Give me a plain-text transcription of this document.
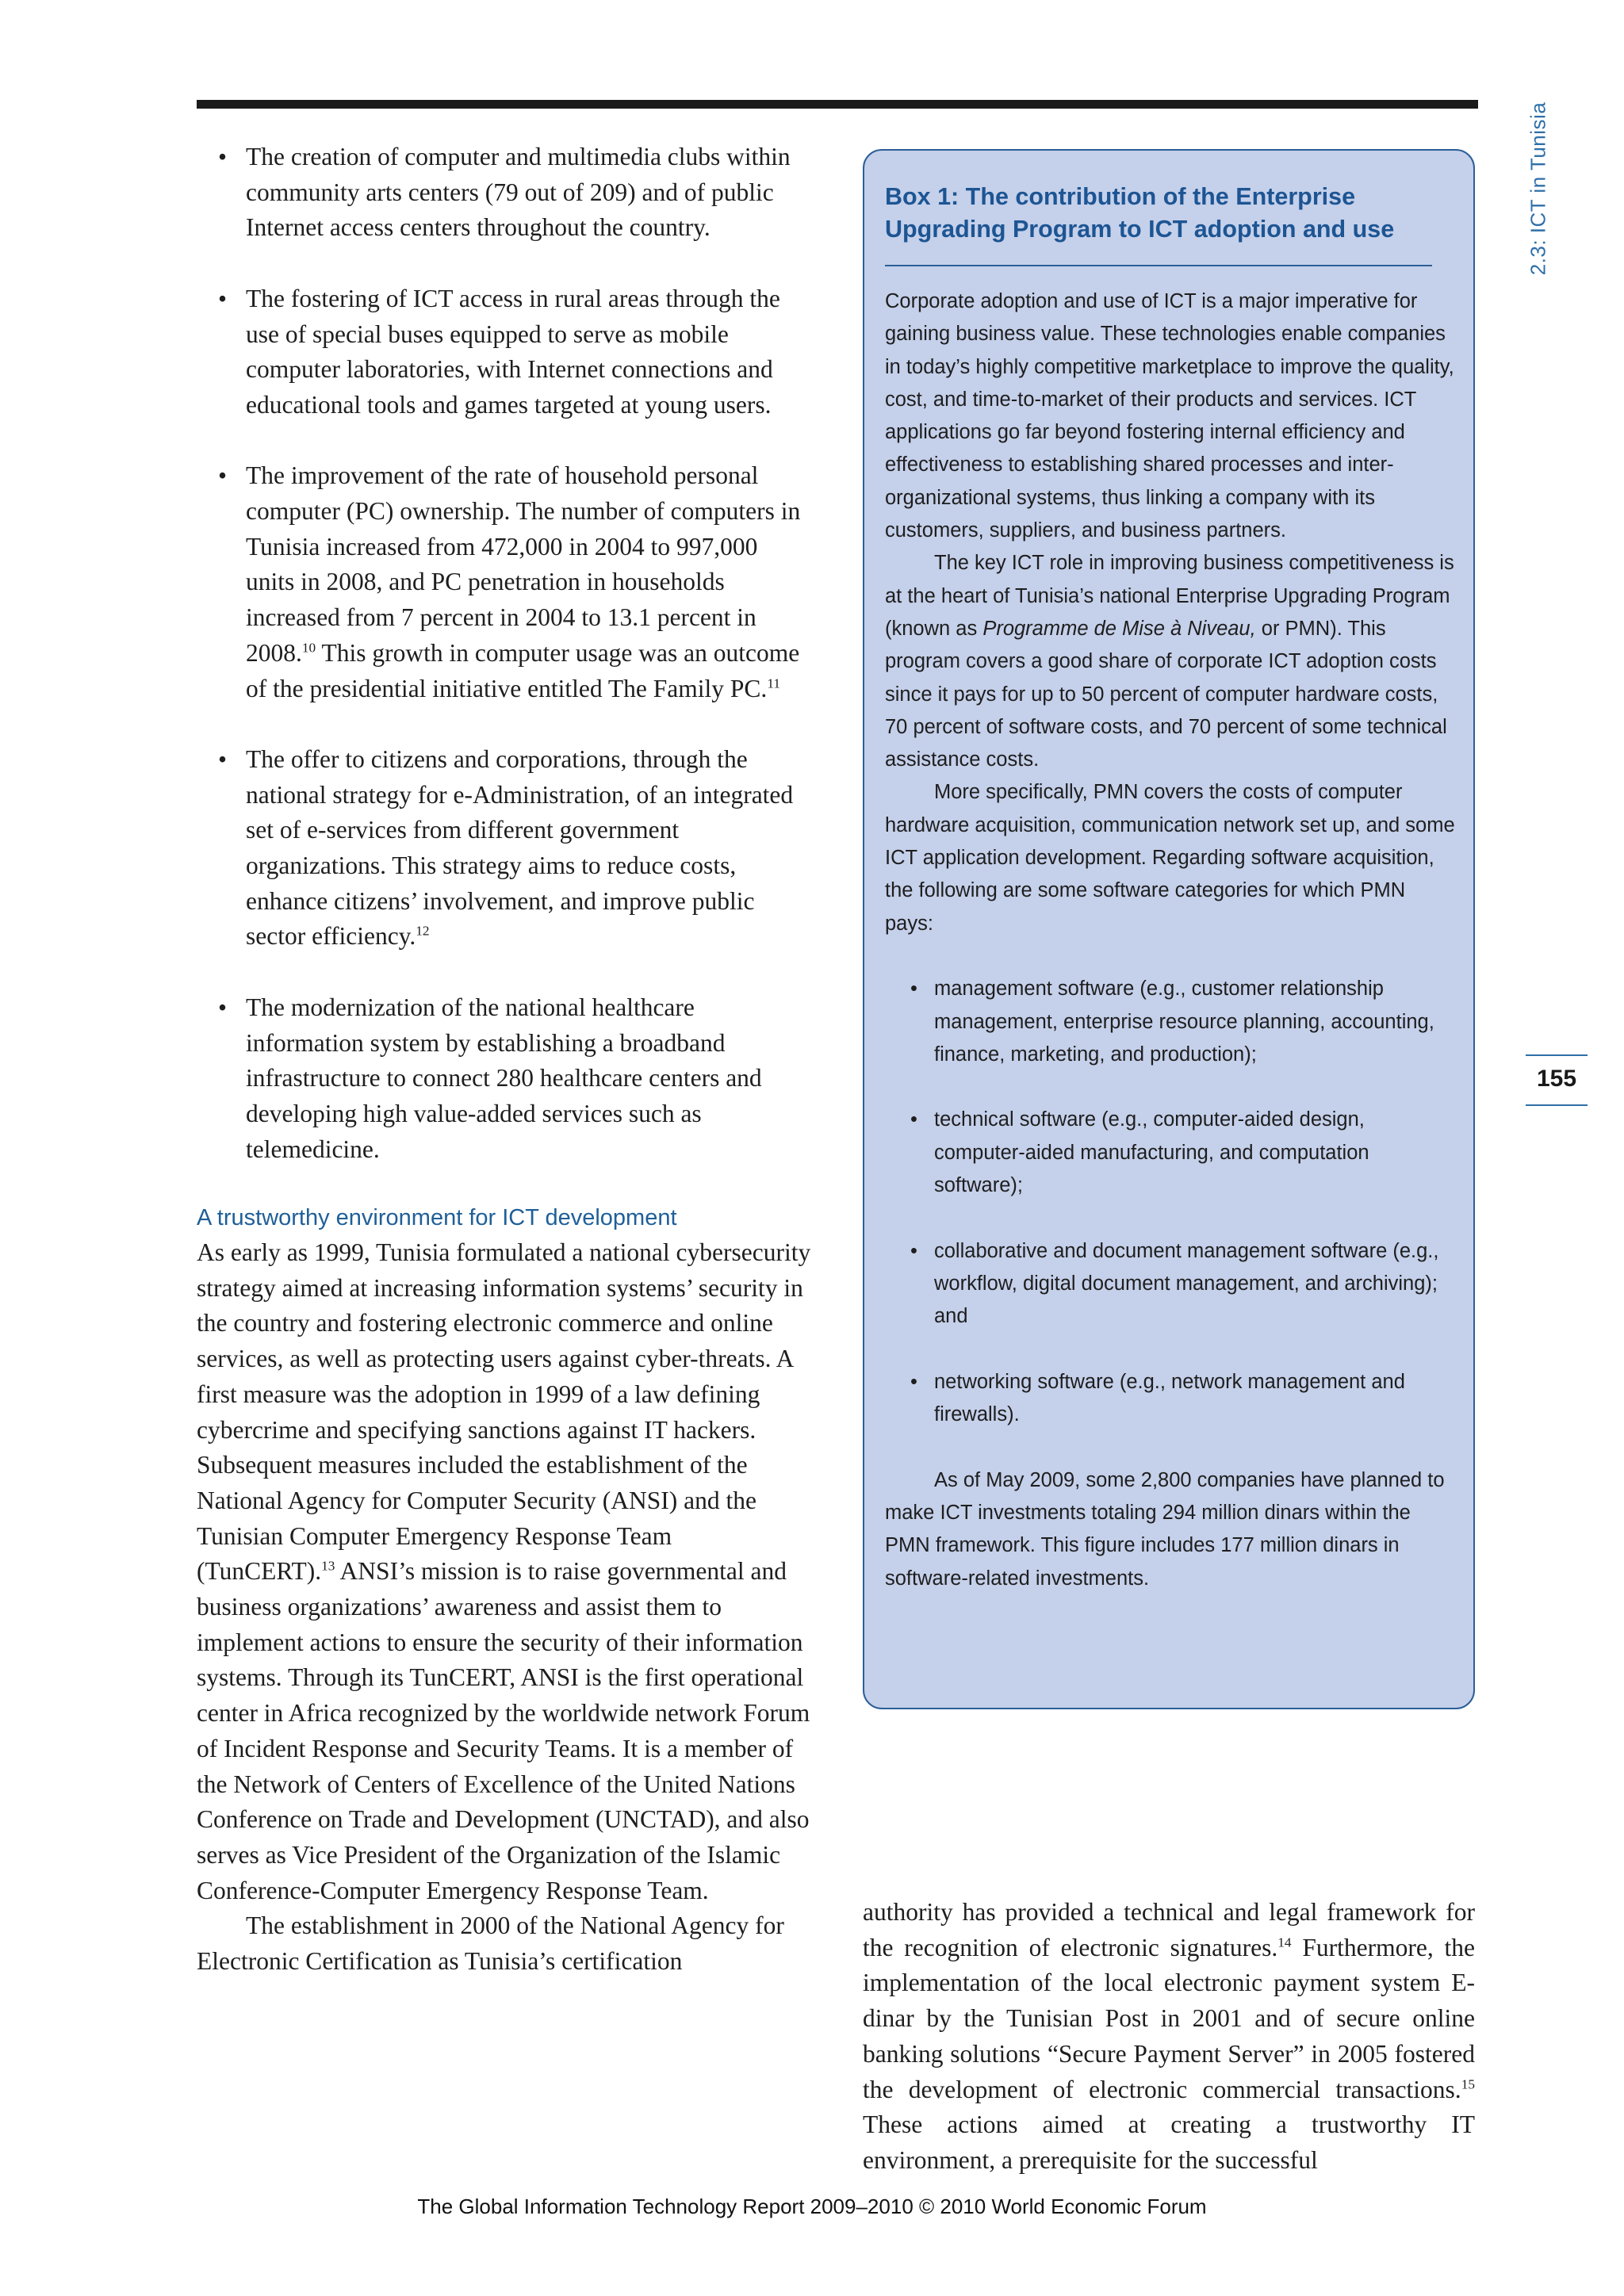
2.3: ICT in Tunisia
155
• The creation of computer and multimedia clubs within community arts centers (79 out of 209) and of public Internet access centers throughout the country.
• The fostering of ICT access in rural areas through the use of special buses equipped to serve as mobile computer laboratories, with Internet connections and educational tools and games targeted at young users.
• The improvement of the rate of household personal computer (PC) ownership. The number of computers in Tunisia increased from 472,000 in 2004 to 997,000 units in 2008, and PC penetration in households increased from 7 percent in 2004 to 13.1 percent in 2008.10 This growth in computer usage was an outcome of the presidential initiative entitled The Family PC.$^{11}$
• The offer to citizens and corporations, through the national strategy for e-Administration, of an integrated set of e-services from different government organizations. This strategy aims to reduce costs, enhance citizens’ involvement, and improve public sector efficiency.$^{12}$
• The modernization of the national healthcare information system by establishing a broadband infrastructure to connect 280 healthcare centers and developing high value-added services such as telemedicine.
A trustworthy environment for ICT development

As early as 1999, Tunisia formulated a national cybersecurity strategy aimed at increasing information systems’ security in the country and fostering electronic commerce and online services, as well as protecting users against cyber-threats. A first measure was the adoption in 1999 of a law defining cybercrime and specifying sanctions against IT hackers. Subsequent measures included the establishment of the National Agency for Computer Security (ANSI) and the Tunisian Computer Emergency Response Team (TunCERT).$^{13}$ ANSI’s mission is to raise governmental and business organizations’ awareness and assist them to implement actions to ensure the security of their information systems. Through its TunCERT, ANSI is the first operational center in Africa recognized by the worldwide network Forum of Incident Response and Security Teams. It is a member of the Network of Centers of Excellence of the United Nations Conference on Trade and Development (UNCTAD), and also serves as Vice President of the Organization of the Islamic Conference-Computer Emergency Response Team.

The establishment in 2000 of the National Agency for Electronic Certification as Tunisia’s certification

Box 1: The contribution of the Enterprise Upgrading Program to ICT adoption and use

Corporate adoption and use of ICT is a major imperative for gaining business value. These technologies enable companies in today’s highly competitive marketplace to improve the quality, cost, and time-to-market of their products and services. ICT applications go far beyond fostering internal efficiency and effectiveness to establishing shared processes and inter-organizational systems, thus linking a company with its customers, suppliers, and business partners.

The key ICT role in improving business competitiveness is at the heart of Tunisia’s national Enterprise Upgrading Program (known as Programme de Mise à Niveau, or PMN). This program covers a good share of corporate ICT adoption costs since it pays for up to 50 percent of computer hardware costs, 70 percent of software costs, and 70 percent of some technical assistance costs.

More specifically, PMN covers the costs of computer hardware acquisition, communication network set up, and some ICT application development. Regarding software acquisition, the following are some software categories for which PMN pays:

• management software (e.g., customer relationship management, enterprise resource planning, accounting, finance, marketing, and production);
• technical software (e.g., computer-aided design, computer-aided manufacturing, and computation software);
• collaborative and document management software (e.g., workflow, digital document management, and archiving); and
• networking software (e.g., network management and firewalls).

As of May 2009, some 2,800 companies have planned to make ICT investments totaling 294 million dinars within the PMN framework. This figure includes 177 million dinars in software-related investments.

authority has provided a technical and legal framework for the recognition of electronic signatures.$^{14}$ Furthermore, the implementation of the local electronic payment system E-dinar by the Tunisian Post in 2001 and of secure online banking solutions “Secure Payment Server” in 2005 fostered the development of electronic commercial transactions.$^{15}$ These actions aimed at creating a trustworthy IT environment, a prerequisite for the successful

The Global Information Technology Report 2009–2010 © 2010 World Economic Forum
